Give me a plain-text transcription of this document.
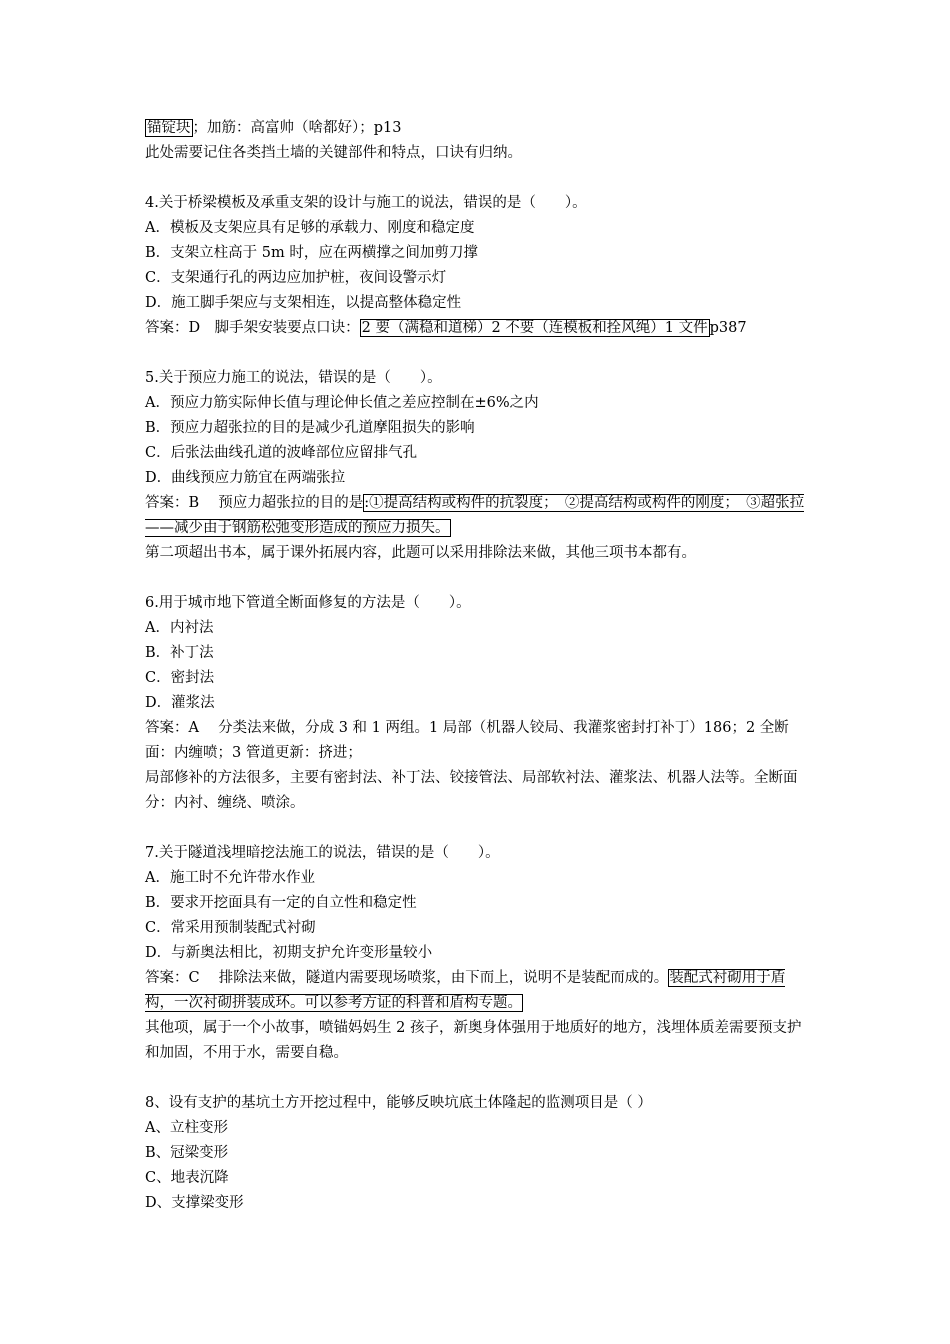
锚锭块 ；加筋：高富帅（啥都好）；p13
此处需要记住各类挡土墙的关键部件和特点，口诀有归纳。
4.关于桥梁模板及承重支架的设计与施工的说法，错误的是（　　）。
A．模板及支架应具有足够的承载力、刚度和稳定度
B．支架立柱高于 5m 时，应在两横撑之间加剪刀撑
C．支架通行孔的两边应加护桩，夜间设警示灯
D．施工脚手架应与支架相连，以提高整体稳定性
答案：D　脚手架安装要点口诀： 2 要（满稳和道梯）2 不要（连模板和拴风绳）1 文件 p387
5.关于预应力施工的说法，错误的是（　　）。
A．预应力筋实际伸长值与理论伸长值之差应控制在±6%之内
B．预应力超张拉的目的是减少孔道摩阻损失的影响
C．后张法曲线孔道的波峰部位应留排气孔
D．曲线预应力筋宜在两端张拉
答案：B　 预应力超张拉的目的是:①提高结构或构件的抗裂度；　②提高结构或构件的刚度；　③超张拉——减少由于钢筋松弛变形造成的预应力损失。
第二项超出书本，属于课外拓展内容，此题可以采用排除法来做，其他三项书本都有。
6.用于城市地下管道全断面修复的方法是（　　）。
A．内衬法
B．补丁法
C．密封法
D．灌浆法
答案：A　 分类法来做，分成 3 和 1 两组。1 局部（机器人铰局、我灌浆密封打补丁）186；2 全断面：内缠喷；3 管道更新：挤进；
局部修补的方法很多，主要有密封法、补丁法、铰接管法、局部软衬法、灌浆法、机器人法等。全断面分：内衬、缠绕、喷涂。
7.关于隧道浅埋暗挖法施工的说法，错误的是（　　）。
A．施工时不允许带水作业
B．要求开挖面具有一定的自立性和稳定性
C．常采用预制装配式衬砌
D．与新奥法相比，初期支护允许变形量较小
答案：C　 排除法来做，隧道内需要现场喷浆，由下而上，说明不是装配而成的。装配式衬砌用于盾构，一次衬砌拼装成环。可以参考方证的科普和盾构专题。
其他项，属于一个小故事，喷锚妈妈生 2 孩子，新奥身体强用于地质好的地方，浅埋体质差需要预支护和加固，不用于水，需要自稳。
8、设有支护的基坑土方开挖过程中，能够反映坑底土体隆起的监测项目是（ ）
A、立柱变形
B、冠梁变形
C、地表沉降
D、支撑梁变形
